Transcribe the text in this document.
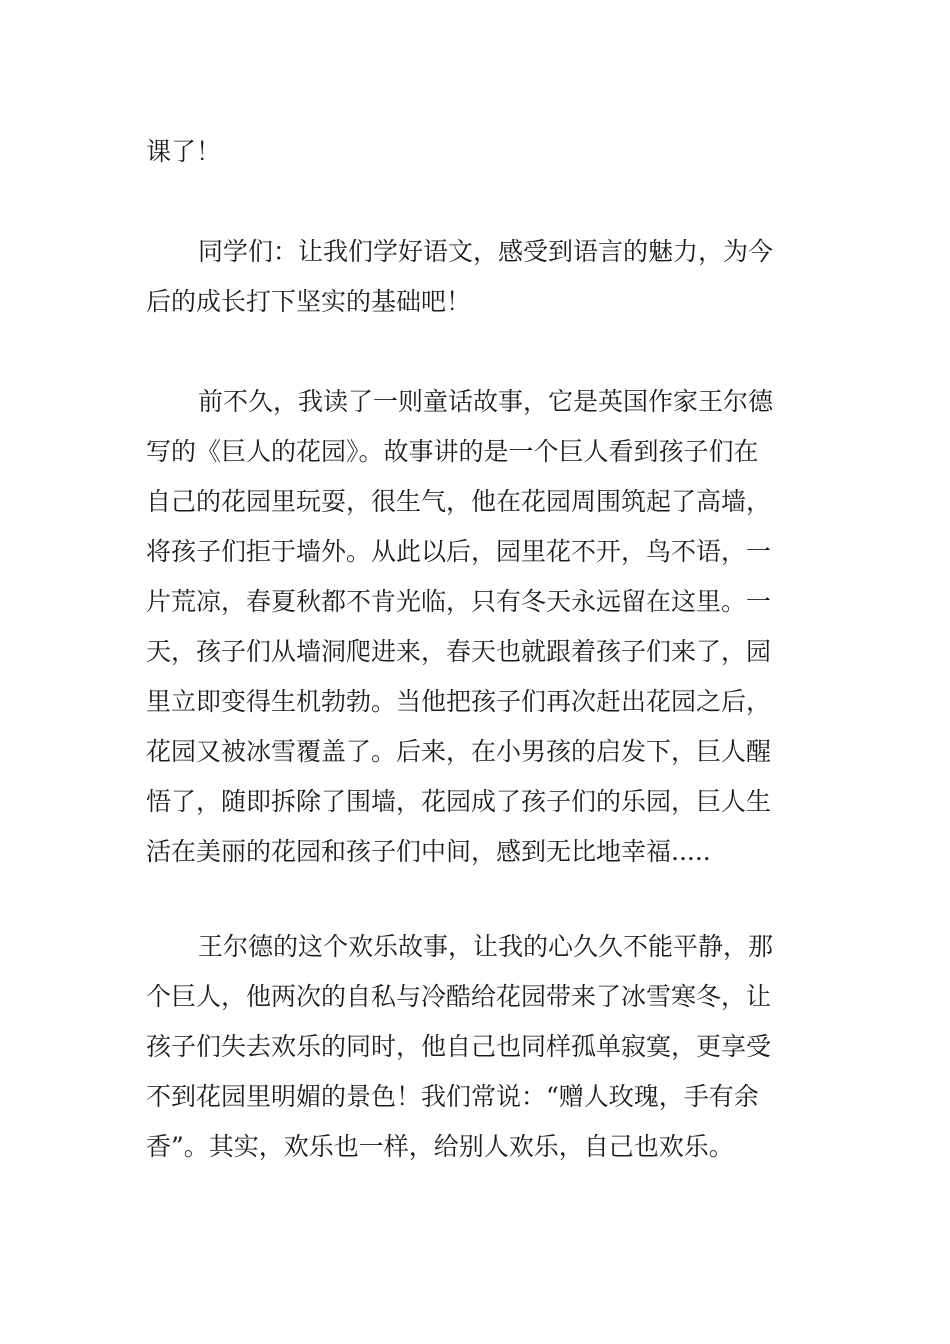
课了！
同学们：让我们学好语文，感受到语言的魅力，为今
后的成长打下坚实的基础吧！
前不久，我读了一则童话故事，它是英国作家王尔德
写的《巨人的花园》。故事讲的是一个巨人看到孩子们在
自己的花园里玩耍，很生气，他在花园周围筑起了高墙，
将孩子们拒于墙外。从此以后，园里花不开，鸟不语，一
片荒凉，春夏秋都不肯光临，只有冬天永远留在这里。一
天，孩子们从墙洞爬进来，春天也就跟着孩子们来了，园
里立即变得生机勃勃。当他把孩子们再次赶出花园之后，
花园又被冰雪覆盖了。后来，在小男孩的启发下，巨人醒
悟了，随即拆除了围墙，花园成了孩子们的乐园，巨人生
活在美丽的花园和孩子们中间，感到无比地幸福.....
王尔德的这个欢乐故事，让我的心久久不能平静，那
个巨人，他两次的自私与冷酷给花园带来了冰雪寒冬，让
孩子们失去欢乐的同时，他自己也同样孤单寂寞，更享受
不到花园里明媚的景色！我们常说：“赠人玫瑰，手有余
香”。其实，欢乐也一样，给别人欢乐，自己也欢乐。
